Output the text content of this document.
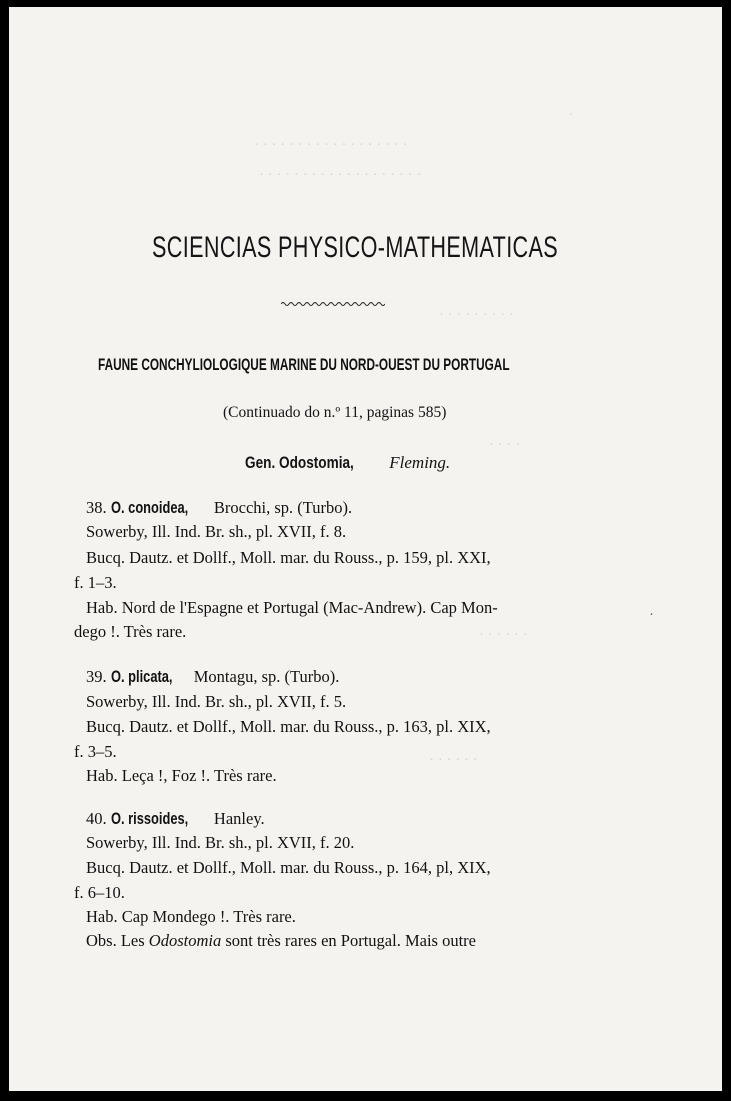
.
· · · · · · · · · · · · · · · · · ·
· · · · · · · · · · · · · · · · · · ·
· · · · · · · · ·
· · · ·
· · · · · ·
· · · · · ·
·
SCIENCIAS PHYSICO-MATHEMATICAS
FAUNE CONCHYLIOLOGIQUE MARINE DU NORD-OUEST DU PORTUGAL
(Continuado do n.º 11, paginas 585)
Gen. Odostomia, Fleming.
38. O. conoidea, Brocchi, sp. (Turbo).
Sowerby, Ill. Ind. Br. sh., pl. XVII, f. 8.
Bucq. Dautz. et Dollf., Moll. mar. du Rouss., p. 159, pl. XXI,
f. 1–3.
Hab. Nord de l'Espagne et Portugal (Mac-Andrew). Cap Mon-
dego !. Très rare.
39. O. plicata, Montagu, sp. (Turbo).
Sowerby, Ill. Ind. Br. sh., pl. XVII, f. 5.
Bucq. Dautz. et Dollf., Moll. mar. du Rouss., p. 163, pl. XIX,
f. 3–5.
Hab. Leça !, Foz !. Très rare.
40. O. rissoides, Hanley.
Sowerby, Ill. Ind. Br. sh., pl. XVII, f. 20.
Bucq. Dautz. et Dollf., Moll. mar. du Rouss., p. 164, pl, XIX,
f. 6–10.
Hab. Cap Mondego !. Très rare.
Obs. Les Odostomia sont très rares en Portugal. Mais outre
